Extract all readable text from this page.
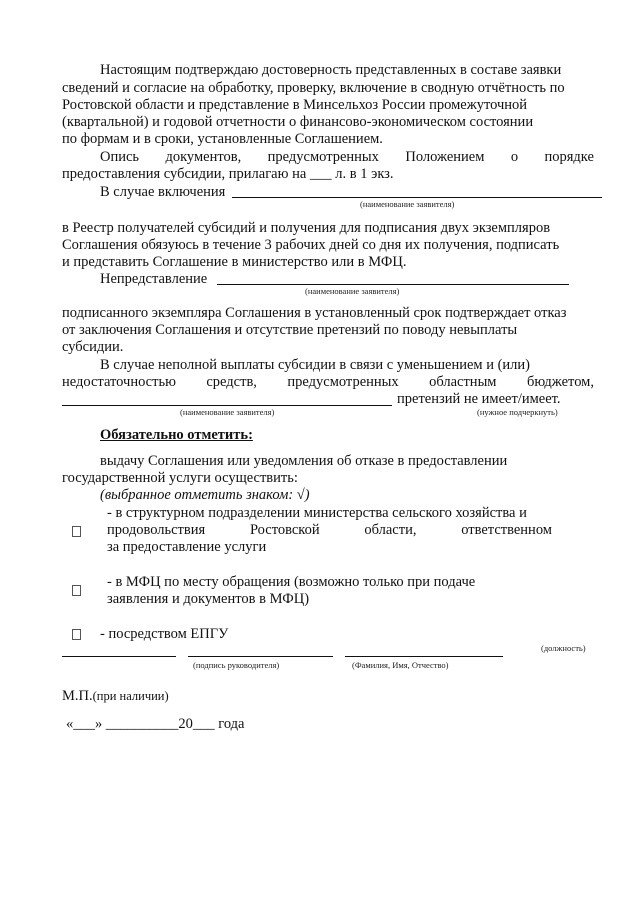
Настоящим подтверждаю достоверность представленных в составе заявки
сведений и согласие на обработку, проверку, включение в сводную отчётность по
Ростовской области и представление в Минсельхоз России промежуточной
(квартальной) и годовой отчетности о финансово-экономическом состоянии
по формам и в сроки, установленные Соглашением.
Опись документов, предусмотренных Положением о порядке
предоставления субсидии, прилагаю на ___ л. в 1 экз.
В случае включения
(наименование заявителя)
в Реестр получателей субсидий и получения для подписания двух экземпляров
Соглашения обязуюсь в течение 3 рабочих дней со дня их получения, подписать
и представить Соглашение в министерство или в МФЦ.
Непредставление
(наименование заявителя)
подписанного экземпляра Соглашения в установленный срок подтверждает отказ
от заключения Соглашения и отсутствие претензий по поводу невыплаты
субсидии.
В случае неполной выплаты субсидии в связи с уменьшением и (или)
недостаточностью средств, предусмотренных областным бюджетом,
претензий не имеет/имеет.
(наименование заявителя)	(нужное подчеркнуть)
Обязательно отметить:
выдачу Соглашения или уведомления об отказе в предоставлении
государственной услуги осуществить:
(выбранное отметить знаком: √)
- в структурном подразделении министерства сельского хозяйства и
продовольствия	Ростовской	области,	ответственном
за предоставление услуги
- в МФЦ по месту обращения (возможно только при подаче
заявления и документов в МФЦ)
- посредством ЕПГУ
(должность)
(подпись руководителя)	(Фамилия, Имя, Отчество)
М.П.(при наличии)
«___» __________20___ года
